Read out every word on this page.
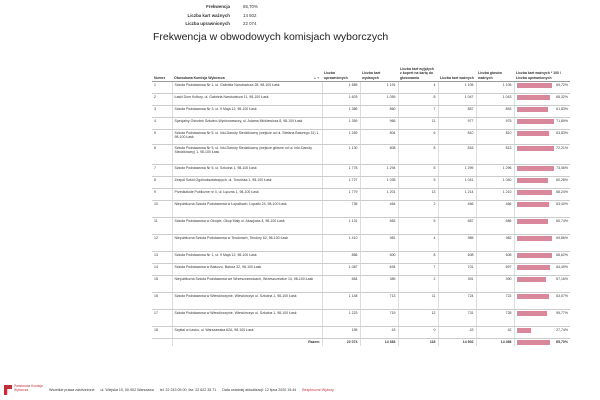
Frekwencja	65,70%
Liczba kart ważnych	14 502
Liczba uprawnionych	22 074
Frekwencja w obwodowych komisjach wyborczych
Numer	Obwodowa Komisja Wyborcza ▲▼	Liczba uprawnionych	Liczba kart wydanych	Liczba kart wyjętych z kopert na kartę do głosowania	Liczba kart ważnych	Liczba głosów ważnych	Liczba kart ważnych * 100 / Liczba uprawnionych
1	Szkoła Podstawowa Nr 1, ul. Gabriela Narutowicza 28, 98-100 Łask	1 585	1 191	4	1 105	1 105	69,72%

2	Łaski Dom Kultury, ul. Gabriela Narutowicza 11, 98-100 Łask	1 603	1 059	8	1 047	1 043	65,32%

3	Szkoła Podstawowa Nr 3, ul. 9 Maja 12, 98-100 Łask	1 386	860	7	857	853	61,83%

4	Specjalny Ośrodek Szkolno-Wychowawczy, ul. Adama Mickiewicza 8, 98-100 Łask	1 359	966	11	977	975	71,89%

5	Szkoła Podstawowa Nr 5, ul. Inki-Danuty Siedzikówny (wejście od ul. Stefana Batorego 31) 1, 98-100 Łask	1 269	804	6	810	810	63,83%

6	Szkoła Podstawowa Nr 5, ul. Inki-Danuty Siedzikówny (wejście główne od ul. Inki-Danuty Siedzikówny) 1, 98-100 Łask	1 130	808	8	816	813	72,21%

7	Szkoła Podstawowa Nr 5, ul. Szkolna 1, 98-100 Łask	1 778	1 294	5	1 299	1 296	73,06%

8	Zespół Szkół Ogólnokształcących, ul. Toruńska 1, 98-100 Łask	1 727	1 035	5	1 041	1 040	60,28%

9	Przedszkole Publiczne nr 4, ul. Łączna 1, 98-100 Łask	1 779	1 201	13	1 214	1 210	68,24%

10	Niepubliczna Szkoła Podstawowa w Łopatkach, Łopatki 24, 98-100 Łask	735	464	2	466	466	63,40%

11	Szkoła Podstawowa w Okupie, Okup Mały ul. Akacjowa 4, 98-100 Łask	1 131	682	5	687	686	60,74%

12	Niepubliczna Szkoła Podstawowa w Teodorach, Teodory 62, 98-100 Łask	1 410	981	4	985	982	69,86%

13	Szkoła Podstawowa Nr 1, ul. 9 Maja 12, 98-100 Łask	886	600	8	608	608	68,62%

14	Szkoła Podstawowa w Bałuczu, Bałucz 32, 98-100 Łask	1 087	694	7	701	697	64,49%

15	Niepubliczna Szkoła Podstawowa we Wrzeszczewicach, Wrzeszczewice 14, 98-100 Łask	684	389	2	391	390	57,16%

16	Szkoła Podstawowa w Wiewiórczynie, Wiewiórczyn ul. Szkolna 1, 98-100 Łask	1 148	713	11	724	722	63,07%

17	Szkoła Podstawowa w Wiewiórczynie, Wiewiórczyn ul. Szkolna 1, 98-100 Łask	1 223	719	12	731	728	59,77%

18	Szpital w Łasku, ul. Warszawska 62A, 98-100 Łask	155	43	0	43	42	27,74%

	Razem	22 074	14 383	118	14 502	14 466	65,70%
Państwowa Komisja Wyborcza	Wszelkie prawa zastrzeżone ul. Wiejska 10, 00-902 Warszawa tel. 22 243 05 00, fax. 22 622 35 71 Data ostatniej aktualizacji: 12 lipca 2020 19:44 Bezpieczne Wybory
